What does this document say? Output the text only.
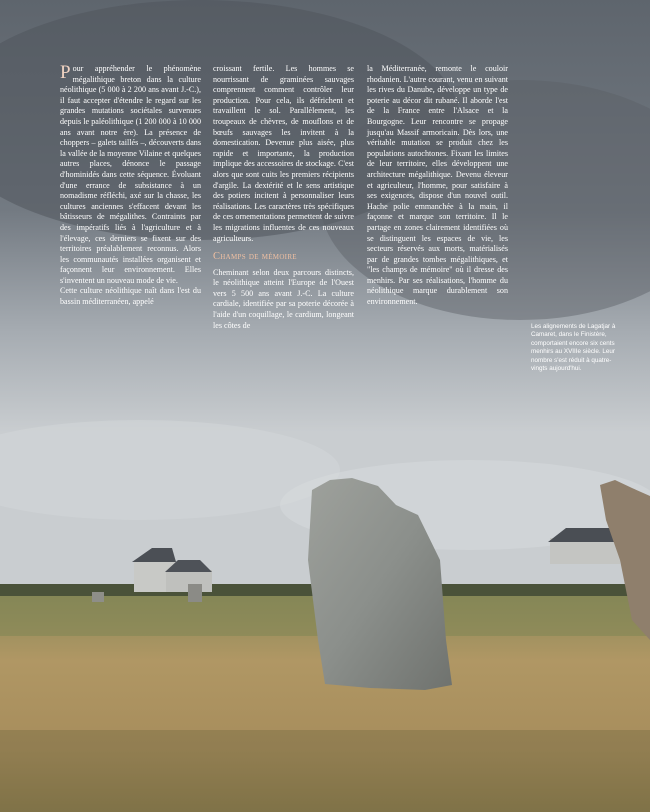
Pour appréhender le phénomène mégalithique breton dans la culture néolithique (5 000 à 2 200 ans avant J.-C.), il faut accepter d'étendre le regard sur les grandes mutations sociétales survenues depuis le paléolithique (1 200 000 à 10 000 ans avant notre ère). La présence de choppers – galets taillés –, découverts dans la vallée de la moyenne Vilaine et quelques autres places, dénonce le passage d'hominidés dans cette séquence. Évoluant d'une errance de subsistance à un nomadisme réfléchi, axé sur la chasse, les cultures anciennes s'effacent devant les bâtisseurs de mégalithes. Contraints par des impératifs liés à l'agriculture et à l'élevage, ces derniers se fixent sur des territoires préalablement reconnus. Alors les communautés installées organisent et façonnent leur environnement. Elles s'inventent un nouveau mode de vie.

Cette culture néolithique naît dans l'est du bassin méditerranéen, appelé

croissant fertile. Les hommes se nourrissant de graminées sauvages comprennent comment contrôler leur production. Pour cela, ils défrichent et travaillent le sol. Parallèlement, les troupeaux de chèvres, de mouflons et de bœufs sauvages les invitent à la domestication. Devenue plus aisée, plus rapide et importante, la production implique des accessoires de stockage. C'est alors que sont cuits les premiers récipients d'argile. La dextérité et le sens artistique des potiers incitent à personnaliser leurs réalisations. Les caractères très spécifiques de ces ornementations permettent de suivre les migrations influentes de ces nouveaux agriculteurs.

Champs de mémoire

Cheminant selon deux parcours distincts, le néolithique atteint l'Europe de l'Ouest vers 5 500 ans avant J.-C. La culture cardiale, identifiée par sa poterie décorée à l'aide d'un coquillage, le cardium, longeant les côtes de

la Méditerranée, remonte le couloir rhodanien. L'autre courant, venu en suivant les rives du Danube, développe un type de poterie au décor dit rubané. Il aborde l'est de la France entre l'Alsace et la Bourgogne. Leur rencontre se propage jusqu'au Massif armoricain. Dès lors, une véritable mutation se produit chez les populations autochtones. Fixant les limites de leur territoire, elles développent une architecture mégalithique. Devenu éleveur et agriculteur, l'homme, pour satisfaire à ses exigences, dispose d'un nouvel outil. Hache polie emmanchée à la main, il façonne et marque son territoire. Il le partage en zones clairement identifiées où se distinguent les espaces de vie, les secteurs réservés aux morts, matérialisés par de grandes tombes mégalithiques, et "les champs de mémoire" où il dresse des menhirs. Par ses réalisations, l'homme du néolithique marque durablement son environnement.

Les alignements de Lagatjar à Camaret, dans le Finistère, comportaient encore six cents menhirs au XVIIIe siècle. Leur nombre s'est réduit à quatre-vingts aujourd'hui.
